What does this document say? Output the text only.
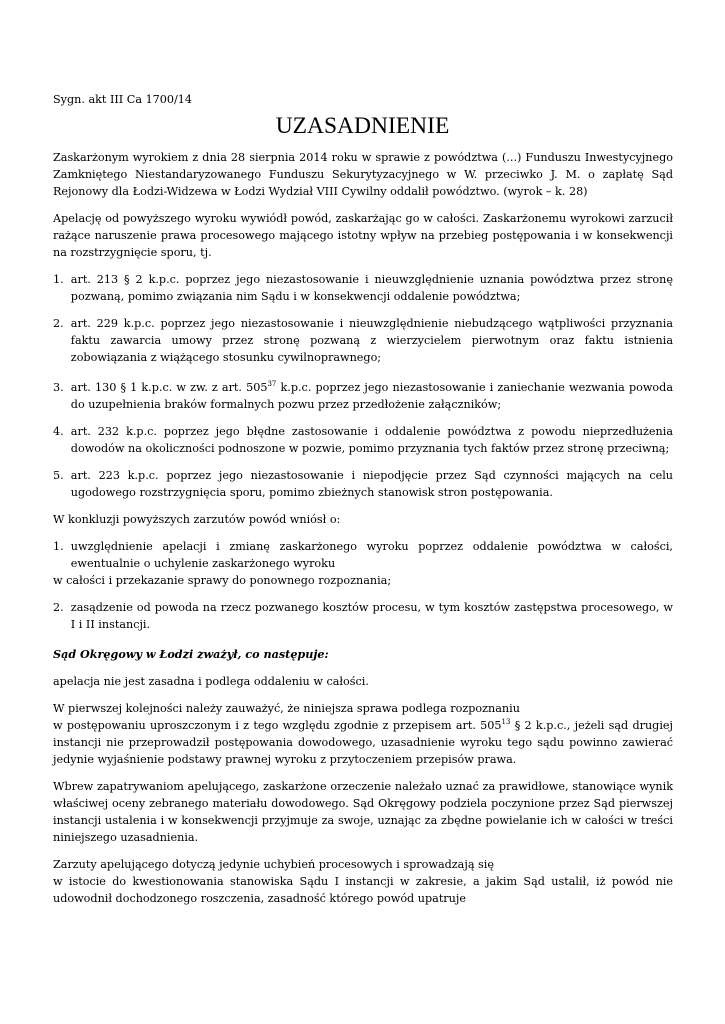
Sygn. akt III Ca 1700/14

UZASADNIENIE

Zaskarżonym wyrokiem z dnia 28 sierpnia 2014 roku w sprawie z powództwa (...) Funduszu Inwestycyjnego Zamkniętego Niestandaryzowanego Funduszu Sekurytyzacyjnego w W. przeciwko J. M. o zapłatę Sąd Rejonowy dla Łodzi-Widzewa w Łodzi Wydział VIII Cywilny oddalił powództwo. (wyrok – k. 28)

Apelację od powyższego wyroku wywiódł powód, zaskarżając go w całości. Zaskarżonemu wyrokowi zarzucił rażące naruszenie prawa procesowego mającego istotny wpływ na przebieg postępowania i w konsekwencji na rozstrzygnięcie sporu, tj.

1. art. 213 § 2 k.p.c. poprzez jego niezastosowanie i nieuwzględnienie uznania powództwa przez stronę pozwaną, pomimo związania nim Sądu i w konsekwencji oddalenie powództwa;

2. art. 229 k.p.c. poprzez jego niezastosowanie i nieuwzględnienie niebudzącego wątpliwości przyznania faktu zawarcia umowy przez stronę pozwaną z wierzycielem pierwotnym oraz faktu istnienia zobowiązania z wiążącego stosunku cywilnoprawnego;

3. art. 130 § 1 k.p.c. w zw. z art. $505^{37}$ k.p.c. poprzez jego niezastosowanie i zaniechanie wezwania powoda do uzupełnienia braków formalnych pozwu przez przedłożenie załączników;

4. art. 232 k.p.c. poprzez jego błędne zastosowanie i oddalenie powództwa z powodu nieprzedłużenia dowodów na okoliczności podnoszone w pozwie, pomimo przyznania tych faktów przez stronę przeciwną;

5. art. 223 k.p.c. poprzez jego niezastosowanie i niepodjęcie przez Sąd czynności mających na celu ugodowego rozstrzygnięcia sporu, pomimo zbieżnych stanowisk stron postępowania.

W konkluzji powyższych zarzutów powód wniósł o:

1. uwzględnienie apelacji i zmianę zaskarżonego wyroku poprzez oddalenie powództwa w całości, ewentualnie o uchylenie zaskarżonego wyroku

w całości i przekazanie sprawy do ponownego rozpoznania;

2. zasądzenie od powoda na rzecz pozwanego kosztów procesu, w tym kosztów zastępstwa procesowego, w I i II instancji.

Sąd Okręgowy w Łodzi zważył, co następuje:

apelacja nie jest zasadna i podlega oddaleniu w całości.

W pierwszej kolejności należy zauważyć, że niniejsza sprawa podlega rozpoznaniu

w postępowaniu uproszczonym i z tego względu zgodnie z przepisem art. $505^{13}$ § 2 k.p.c., jeżeli sąd drugiej instancji nie przeprowadził postępowania dowodowego, uzasadnienie wyroku tego sądu powinno zawierać jedynie wyjaśnienie podstawy prawnej wyroku z przytoczeniem przepisów prawa.

Wbrew zapatrywaniom apelującego, zaskarżone orzeczenie należało uznać za prawidłowe, stanowiące wynik właściwej oceny zebranego materiału dowodowego. Sąd Okręgowy podziela poczynione przez Sąd pierwszej instancji ustalenia i w konsekwencji przyjmuje za swoje, uznając za zbędne powielanie ich w całości w treści niniejszego uzasadnienia.

Zarzuty apelującego dotyczą jedynie uchybień procesowych i sprowadzają się

w istocie do kwestionowania stanowiska Sądu I instancji w zakresie, a jakim Sąd ustalił, iż powód nie udowodnił dochodzonego roszczenia, zasadność którego powód upatruje
